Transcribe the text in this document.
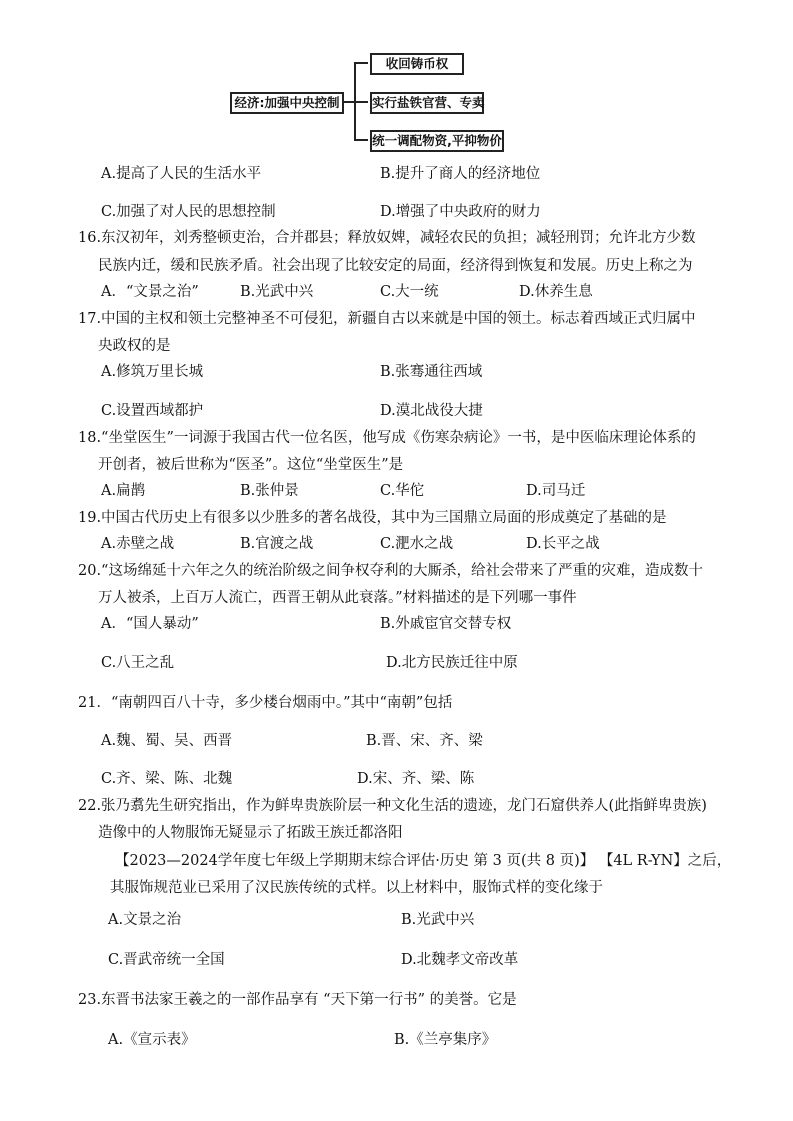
经济:加强中央控制
收回铸币权
实行盐铁官营、专卖
统一调配物资,平抑物价
A.提高了人民的生活水平	B.提升了商人的经济地位
C.加强了对人民的思想控制	D.增强了中央政府的财力
16.东汉初年，刘秀整顿吏治，合并郡县；释放奴婢，减轻农民的负担；减轻刑罚；允许北方少数
民族内迁，缓和民族矛盾。社会出现了比较安定的局面，经济得到恢复和发展。历史上称之为
A．“文景之治”	B.光武中兴	C.大一统	D.休养生息
17.中国的主权和领土完整神圣不可侵犯，新疆自古以来就是中国的领土。标志着西域正式归属中
央政权的是
A.修筑万里长城	B.张骞通往西域
C.设置西域都护	D.漠北战役大捷
18.“坐堂医生”一词源于我国古代一位名医，他写成《伤寒杂病论》一书，是中医临床理论体系的
开创者，被后世称为“医圣”。这位“坐堂医生”是
A.扁鹊	B.张仲景	C.华佗	D.司马迁
19.中国古代历史上有很多以少胜多的著名战役，其中为三国鼎立局面的形成奠定了基础的是
A.赤壁之战	B.官渡之战	C.淝水之战	D.长平之战
20.“这场绵延十六年之久的统治阶级之间争权夺利的大厮杀，给社会带来了严重的灾难，造成数十
万人被杀，上百万人流亡，西晋王朝从此衰落。”材料描述的是下列哪一事件
A．“国人暴动”	B.外戚宦官交替专权
C.八王之乱	D.北方民族迁往中原
21．“南朝四百八十寺，多少楼台烟雨中。”其中“南朝”包括
A.魏、蜀、吴、西晋	B.晋、宋、齐、梁
C.齐、梁、陈、北魏	D.宋、齐、梁、陈
22.张乃翥先生研究指出，作为鲜卑贵族阶层一种文化生活的遗迹，龙门石窟供养人(此指鲜卑贵族)
造像中的人物服饰无疑显示了拓跋王族迁都洛阳
【2023—2024学年度七年级上学期期末综合评估·历史 第 3 页(共 8 页)】 【4L R-YN】之后，
其服饰规范业已采用了汉民族传统的式样。以上材料中，服饰式样的变化缘于
A.文景之治	B.光武中兴
C.晋武帝统一全国	D.北魏孝文帝改革
23.东晋书法家王羲之的一部作品享有 “天下第一行书” 的美誉。它是
A.《宣示表》	B.《兰亭集序》
